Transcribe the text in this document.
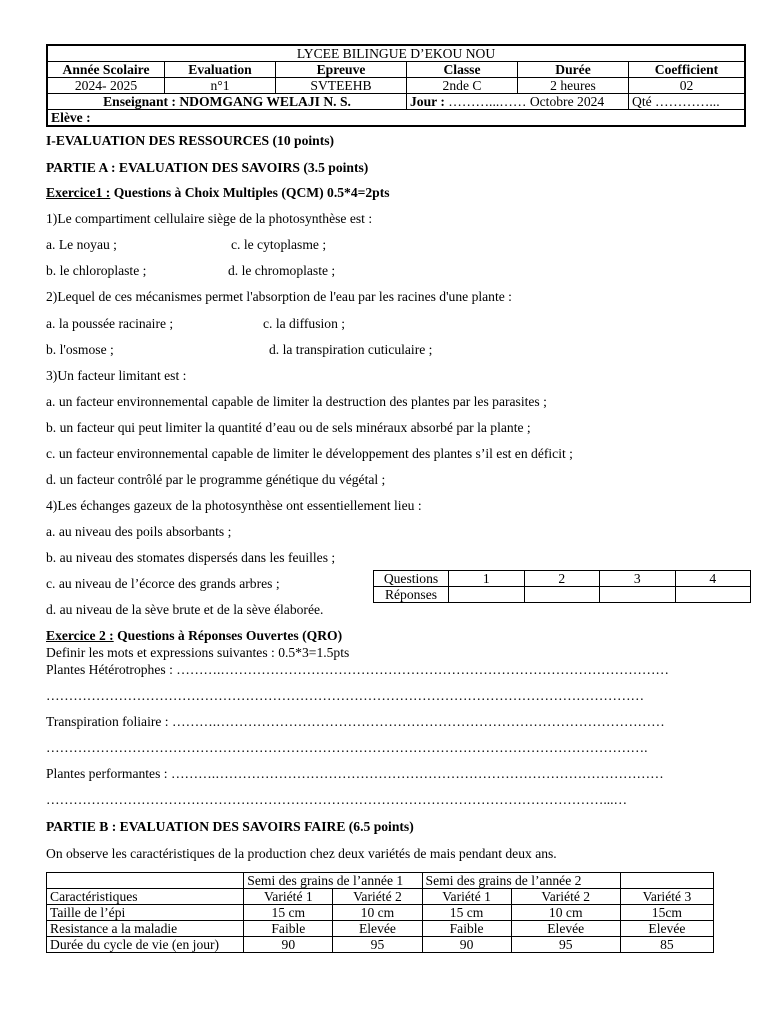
LYCEE BILINGUE D’EKOU NOU					
Année Scolaire	Evaluation	Epreuve	Classe	Durée	Coefficient
2024- 2025	n°1	SVTEEHB	2nde C	2 heures	02
Enseignant : NDOMGANG WELAJI N. S.			Jour : ………...…… Octobre 2024		Qté …………...
Elève :					
I-EVALUATION DES RESSOURCES (10 points)
PARTIE A : EVALUATION DES SAVOIRS (3.5 points)
Exercice1 : Questions à Choix Multiples (QCM) 0.5*4=2pts
1)Le compartiment cellulaire siège de la photosynthèse est :
a. Le noyau ;	c. le cytoplasme ;
b. le chloroplaste ;	d. le chromoplaste ;
2)Lequel de ces mécanismes permet l'absorption de l'eau par les racines d'une plante :
a. la poussée racinaire ;	c. la diffusion ;
b. l'osmose ;	d. la transpiration cuticulaire ;
3)Un facteur limitant est :
a. un facteur environnemental capable de limiter la destruction des plantes par les parasites ;
b. un facteur qui peut limiter la quantité d’eau ou de sels minéraux absorbé par la plante ;
c. un facteur environnemental capable de limiter le développement des plantes s’il est en déficit ;
d. un facteur contrôlé par le programme génétique du végétal ;
4)Les échanges gazeux de la photosynthèse ont essentiellement lieu :
a. au niveau des poils absorbants ;
b. au niveau des stomates dispersés dans les feuilles ;
c. au niveau de l’écorce des grands arbres ;
d. au niveau de la sève brute et de la sève élaborée.
Questions	1	2	3	4
Réponses				
Exercice 2 : Questions à Réponses Ouvertes (QRO)
Definir les mots et expressions suivantes : 0.5*3=1.5pts
Plantes Hétérotrophes : ……….………………………………………………………………………………………
……………………………………………………………………………………………………………………
Transpiration foliaire : ……….………………………………………………………………………………………
…………………………………………………………………………………………………………………….
Plantes performantes : ……….………………………………………………………………………………………
……………………………………………………………………………………………………………...…
PARTIE B : EVALUATION DES SAVOIRS FAIRE (6.5 points)
On observe les caractéristiques de la production chez deux variétés de mais pendant deux ans.
	Semi des grains de l’année 1		Semi des grains de l’année 2		
Caractéristiques	Variété 1	Variété 2	Variété 1	Variété 2	Variété 3
Taille de l’épi	15 cm	10 cm	15 cm	10 cm	15cm
Resistance a la maladie	Faible	Elevée	Faible	Elevée	Elevée
Durée du cycle de vie (en jour)	90	95	90	95	85
